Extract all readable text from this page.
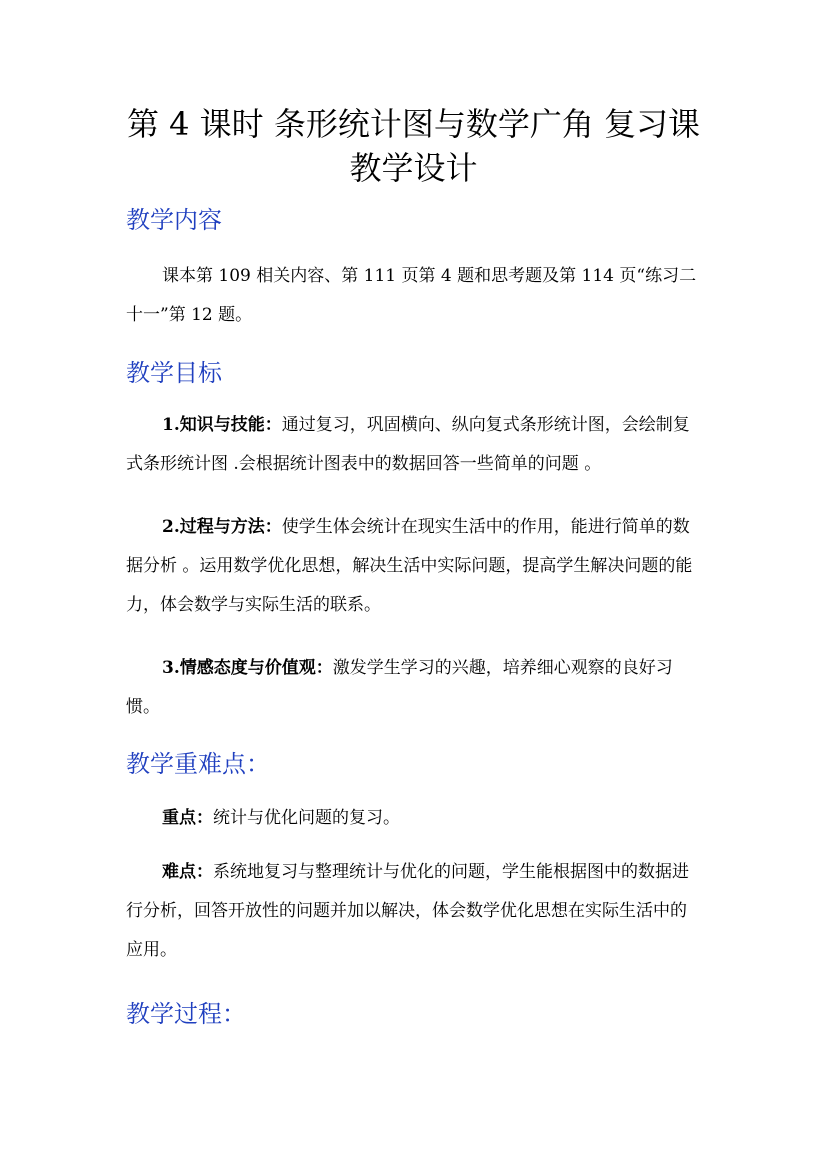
第 4 课时 条形统计图与数学广角 复习课
教学设计
教学内容

课本第 109 相关内容、第 111 页第 4 题和思考题及第 114 页“练习二十一”第 12 题。

教学目标

1.知识与技能：通过复习，巩固横向、纵向复式条形统计图，会绘制复式条形统计图 .会根据统计图表中的数据回答一些简单的问题 。

2.过程与方法：使学生体会统计在现实生活中的作用，能进行简单的数据分析 。运用数学优化思想，解决生活中实际问题，提高学生解决问题的能力，体会数学与实际生活的联系。

3.情感态度与价值观：激发学生学习的兴趣，培养细心观察的良好习惯。

教学重难点：

重点：统计与优化问题的复习。

难点：系统地复习与整理统计与优化的问题，学生能根据图中的数据进行分析，回答开放性的问题并加以解决，体会数学优化思想在实际生活中的应用。

教学过程：
